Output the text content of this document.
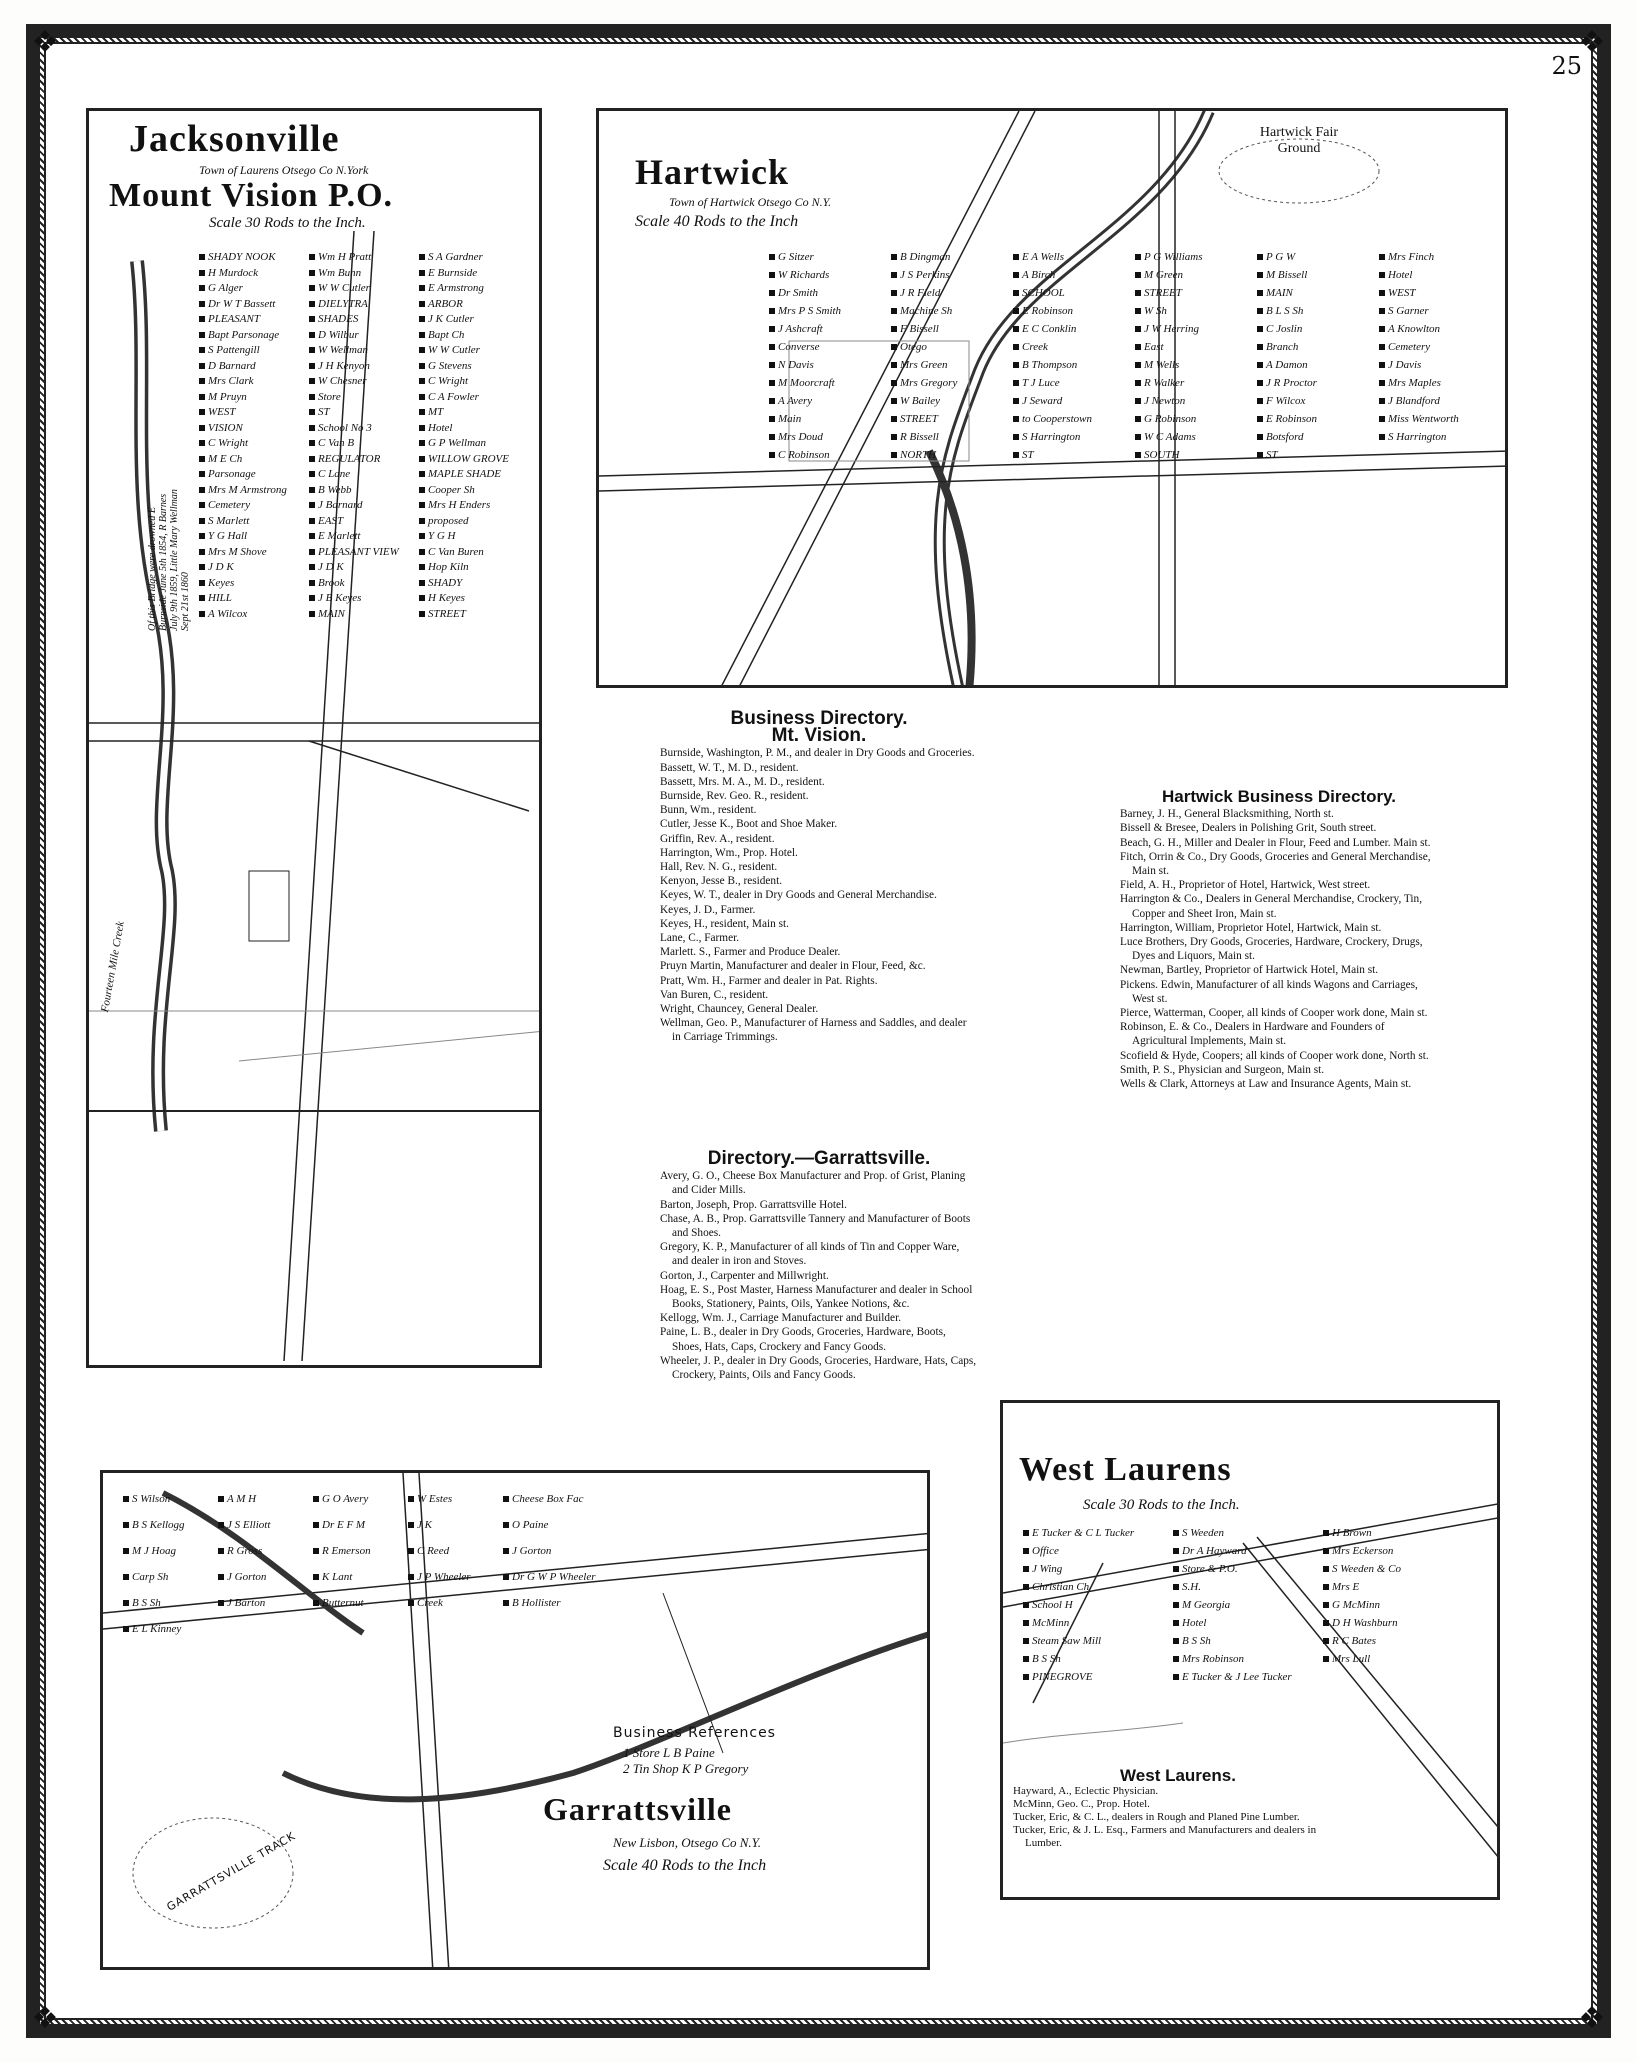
❖	❖
❖	❖
25
Jacksonville
Town of Laurens Otsego Co N.York
Mount Vision P.O.
Scale 30 Rods to the Inch.
SHADY NOOK	Wm H Pratt	S A Gardner
H Murdock	Wm Bunn	E Burnside
G Alger	W W Cutler	E Armstrong
Dr W T Bassett	DIELYTRA	ARBOR
PLEASANT	SHADES	J K Cutler
Bapt Parsonage	D Wilbur	Bapt Ch
S Pattengill	W Wellman	W W Cutler
D Barnard	J H Kenyon	G Stevens
Mrs Clark	W Chesner	C Wright
M Pruyn	Store	C A Fowler
WEST	ST	MT
VISION	School No 3	Hotel
C Wright	C Van B	G P Wellman
M E Ch	REGULATOR	WILLOW GROVE
Parsonage	C Lane	MAPLE SHADE
Mrs M Armstrong	B Webb	Cooper Sh
Cemetery	J Barnard	Mrs H Enders
S Marlett	EAST	proposed
Y G Hall	E Marlett	Y G H
Mrs M Shove	PLEASANT VIEW	C Van Buren
J D K	J D K	Hop Kiln
Keyes	Brook	SHADY
HILL	J B Keyes	H Keyes
A Wilcox	MAIN	STREET
Of this Bridge were drowned E Burnside June 5th 1854, R Barnes July 9th 1859, Little Mary Wellman Sept 21st 1860
Fourteen Mile Creek
Hartwick
Town of Hartwick Otsego Co N.Y.
Scale 40 Rods to the Inch
Hartwick Fair Ground
G Sitzer	B Dingman	E A Wells	P G Williams	P G W	Mrs Finch
W Richards	J S Perkins	A Birch	M Green	M Bissell	Hotel
Dr Smith	J R Field	SCHOOL	STREET	MAIN	WEST
Mrs P S Smith	Machine Sh	E Robinson	W Sh	B L S Sh	S Garner
J Ashcraft	F Bissell	E C Conklin	J W Herring	C Joslin	A Knowlton
Converse	Otego	Creek	East	Branch	Cemetery
N Davis	Mrs Green	B Thompson	M Wells	A Damon	J Davis
M Moorcraft	Mrs Gregory	T J Luce	R Walker	J R Proctor	Mrs Maples
A Avery	W Bailey	J Seward	J Newton	F Wilcox	J Blandford
Main	STREET	to Cooperstown	G Robinson	E Robinson	Miss Wentworth
Mrs Doud	R Bissell	S Harrington	W C Adams	Botsford	S Harrington
C Robinson	NORTH	ST	SOUTH	ST
Business Directory.
Mt. Vision.
Burnside, Washington, P. M., and dealer in Dry Goods and Groceries.
Bassett, W. T., M. D., resident.
Bassett, Mrs. M. A., M. D., resident.
Burnside, Rev. Geo. R., resident.
Bunn, Wm., resident.
Cutler, Jesse K., Boot and Shoe Maker.
Griffin, Rev. A., resident.
Harrington, Wm., Prop. Hotel.
Hall, Rev. N. G., resident.
Kenyon, Jesse B., resident.
Keyes, W. T., dealer in Dry Goods and General Merchandise.
Keyes, J. D., Farmer.
Keyes, H., resident, Main st.
Lane, C., Farmer.
Marlett. S., Farmer and Produce Dealer.
Pruyn Martin, Manufacturer and dealer in Flour, Feed, &c.
Pratt, Wm. H., Farmer and dealer in Pat. Rights.
Van Buren, C., resident.
Wright, Chauncey, General Dealer.
Wellman, Geo. P., Manufacturer of Harness and Saddles, and dealer in Carriage Trimmings.
Directory.—Garrattsville.
Avery, G. O., Cheese Box Manufacturer and Prop. of Grist, Planing and Cider Mills.
Barton, Joseph, Prop. Garrattsville Hotel.
Chase, A. B., Prop. Garrattsville Tannery and Manufacturer of Boots and Shoes.
Gregory, K. P., Manufacturer of all kinds of Tin and Copper Ware, and dealer in iron and Stoves.
Gorton, J., Carpenter and Millwright.
Hoag, E. S., Post Master, Harness Manufacturer and dealer in School Books, Stationery, Paints, Oils, Yankee Notions, &c.
Kellogg, Wm. J., Carriage Manufacturer and Builder.
Paine, L. B., dealer in Dry Goods, Groceries, Hardware, Boots, Shoes, Hats, Caps, Crockery and Fancy Goods.
Wheeler, J. P., dealer in Dry Goods, Groceries, Hardware, Hats, Caps, Crockery, Paints, Oils and Fancy Goods.
Hartwick Business Directory.
Barney, J. H., General Blacksmithing, North st.
Bissell & Bresee, Dealers in Polishing Grit, South street.
Beach, G. H., Miller and Dealer in Flour, Feed and Lumber. Main st.
Fitch, Orrin & Co., Dry Goods, Groceries and General Merchandise, Main st.
Field, A. H., Proprietor of Hotel, Hartwick, West street.
Harrington & Co., Dealers in General Merchandise, Crockery, Tin, Copper and Sheet Iron, Main st.
Harrington, William, Proprietor Hotel, Hartwick, Main st.
Luce Brothers, Dry Goods, Groceries, Hardware, Crockery, Drugs, Dyes and Liquors, Main st.
Newman, Bartley, Proprietor of Hartwick Hotel, Main st.
Pickens. Edwin, Manufacturer of all kinds Wagons and Carriages, West st.
Pierce, Watterman, Cooper, all kinds of Cooper work done, Main st.
Robinson, E. & Co., Dealers in Hardware and Founders of Agricultural Implements, Main st.
Scofield & Hyde, Coopers; all kinds of Cooper work done, North st.
Smith, P. S., Physician and Surgeon, Main st.
Wells & Clark, Attorneys at Law and Insurance Agents, Main st.
Business References
1 Store L B Paine
2 Tin Shop K P Gregory
Garrattsville
New Lisbon, Otsego Co N.Y.
Scale 40 Rods to the Inch
GARRATTSVILLE TRACK
S Wilson	A M H	G O Avery	W Estes	Cheese Box Fac
B S Kellogg	J S Elliott	Dr E F M	J K	O Paine
M J Hoag	R Gross	R Emerson	C Reed	J Gorton
Carp Sh	J Gorton	K Lant	J P Wheeler	Dr G W P Wheeler
B S Sh	J Barton	Butternut	Creek	B Hollister
E L Kinney
West Laurens
Scale 30 Rods to the Inch.
E Tucker & C L Tucker	S Weeden	H Brown
Office	Dr A Hayward	Mrs Eckerson
J Wing	Store & P.O.	S Weeden & Co
Christian Ch	S.H.	Mrs E
School H	M Georgia	G McMinn
McMinn	Hotel	D H Washburn
Steam Saw Mill	B S Sh	R C Bates
B S Sh	Mrs Robinson	Mrs Lull
PINEGROVE	E Tucker & J Lee Tucker
West Laurens.
Hayward, A., Eclectic Physician.
McMinn, Geo. C., Prop. Hotel.
Tucker, Eric, & C. L., dealers in Rough and Planed Pine Lumber.
Tucker, Eric, & J. L. Esq., Farmers and Manufacturers and dealers in Lumber.
